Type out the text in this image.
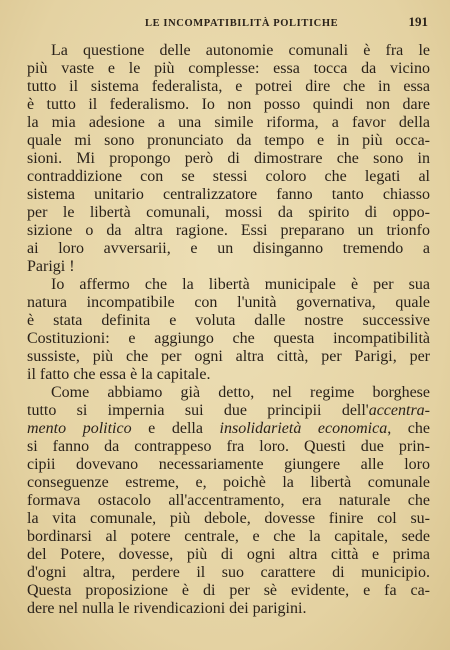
LE INCOMPATIBILITÀ POLITICHE	191
La questione delle autonomie comunali è fra le
più vaste e le più complesse: essa tocca da vicino
tutto il sistema federalista, e potrei dire che in essa
è tutto il federalismo. Io non posso quindi non dare
la mia adesione a una simile riforma, a favor della
quale mi sono pronunciato da tempo e in più occa-
sioni. Mi propongo però di dimostrare che sono in
contraddizione con se stessi coloro che legati al
sistema unitario centralizzatore fanno tanto chiasso
per le libertà comunali, mossi da spirito di oppo-
sizione o da altra ragione. Essi preparano un trionfo
ai loro avversarii, e un disinganno tremendo a
Parigi !
Io affermo che la libertà municipale è per sua
natura incompatibile con l'unità governativa, quale
è stata definita e voluta dalle nostre successive
Costituzioni: e aggiungo che questa incompatibilità
sussiste, più che per ogni altra città, per Parigi, per
il fatto che essa è la capitale.
Come abbiamo già detto, nel regime borghese
tutto si impernia sui due principii dell'accentra-
mento politico e della insolidarietà economica, che
si fanno da contrappeso fra loro. Questi due prin-
cipii dovevano necessariamente giungere alle loro
conseguenze estreme, e, poichè la libertà comunale
formava ostacolo all'accentramento, era naturale che
la vita comunale, più debole, dovesse finire col su-
bordinarsi al potere centrale, e che la capitale, sede
del Potere, dovesse, più di ogni altra città e prima
d'ogni altra, perdere il suo carattere di municipio.
Questa proposizione è di per sè evidente, e fa ca-
dere nel nulla le rivendicazioni dei parigini.
